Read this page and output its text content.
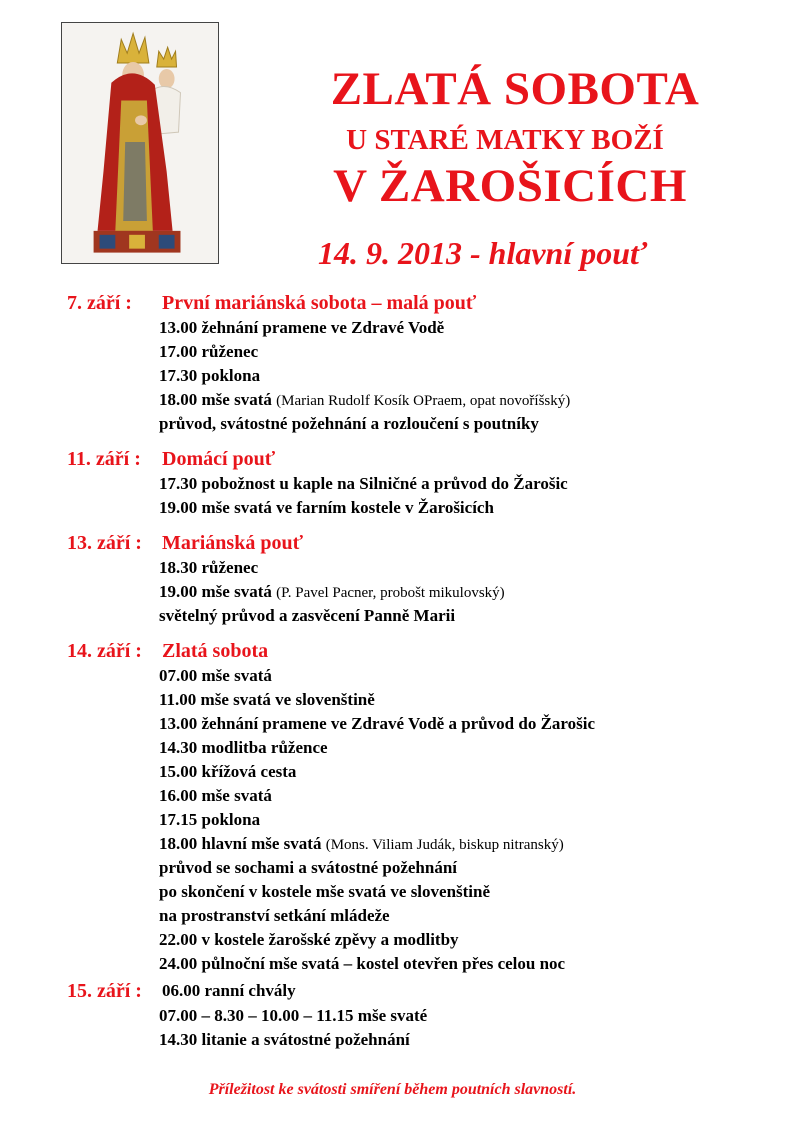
ZLATÁ SOBOTA
U STARÉ MATKY BOŽÍ
V ŽAROŠICÍCH
14. 9. 2013 - hlavní pouť
7. září : První mariánská sobota – malá pouť
13.00 žehnání pramene ve Zdravé Vodě
17.00 růženec
17.30 poklona
18.00 mše svatá (Marian Rudolf Kosík OPraem, opat novoříšský)
průvod, svátostné požehnání a rozloučení s poutníky
11. září : Domácí pouť
17.30 pobožnost u kaple na Silničné a průvod do Žarošic
19.00 mše svatá ve farním kostele v Žarošicích
13. září : Mariánská pouť
18.30 růženec
19.00 mše svatá (P. Pavel Pacner, probošt mikulovský)
světelný průvod a zasvěcení Panně Marii
14. září : Zlatá sobota
07.00 mše svatá
11.00 mše svatá ve slovenštině
13.00 žehnání pramene ve Zdravé Vodě a průvod do Žarošic
14.30 modlitba růžence
15.00 křížová cesta
16.00 mše svatá
17.15 poklona
18.00 hlavní mše svatá (Mons. Viliam Judák, biskup nitranský)
průvod se sochami a svátostné požehnání
po skončení v kostele mše svatá ve slovenštině
na prostranství setkání mládeže
22.00 v kostele žarošské zpěvy a modlitby
24.00 půlnoční mše svatá – kostel otevřen přes celou noc
15. září : 06.00 ranní chvály
07.00 – 8.30 – 10.00 – 11.15 mše svaté
14.30 litanie a svátostné požehnání
Příležitost ke svátosti smíření během poutních slavností.
